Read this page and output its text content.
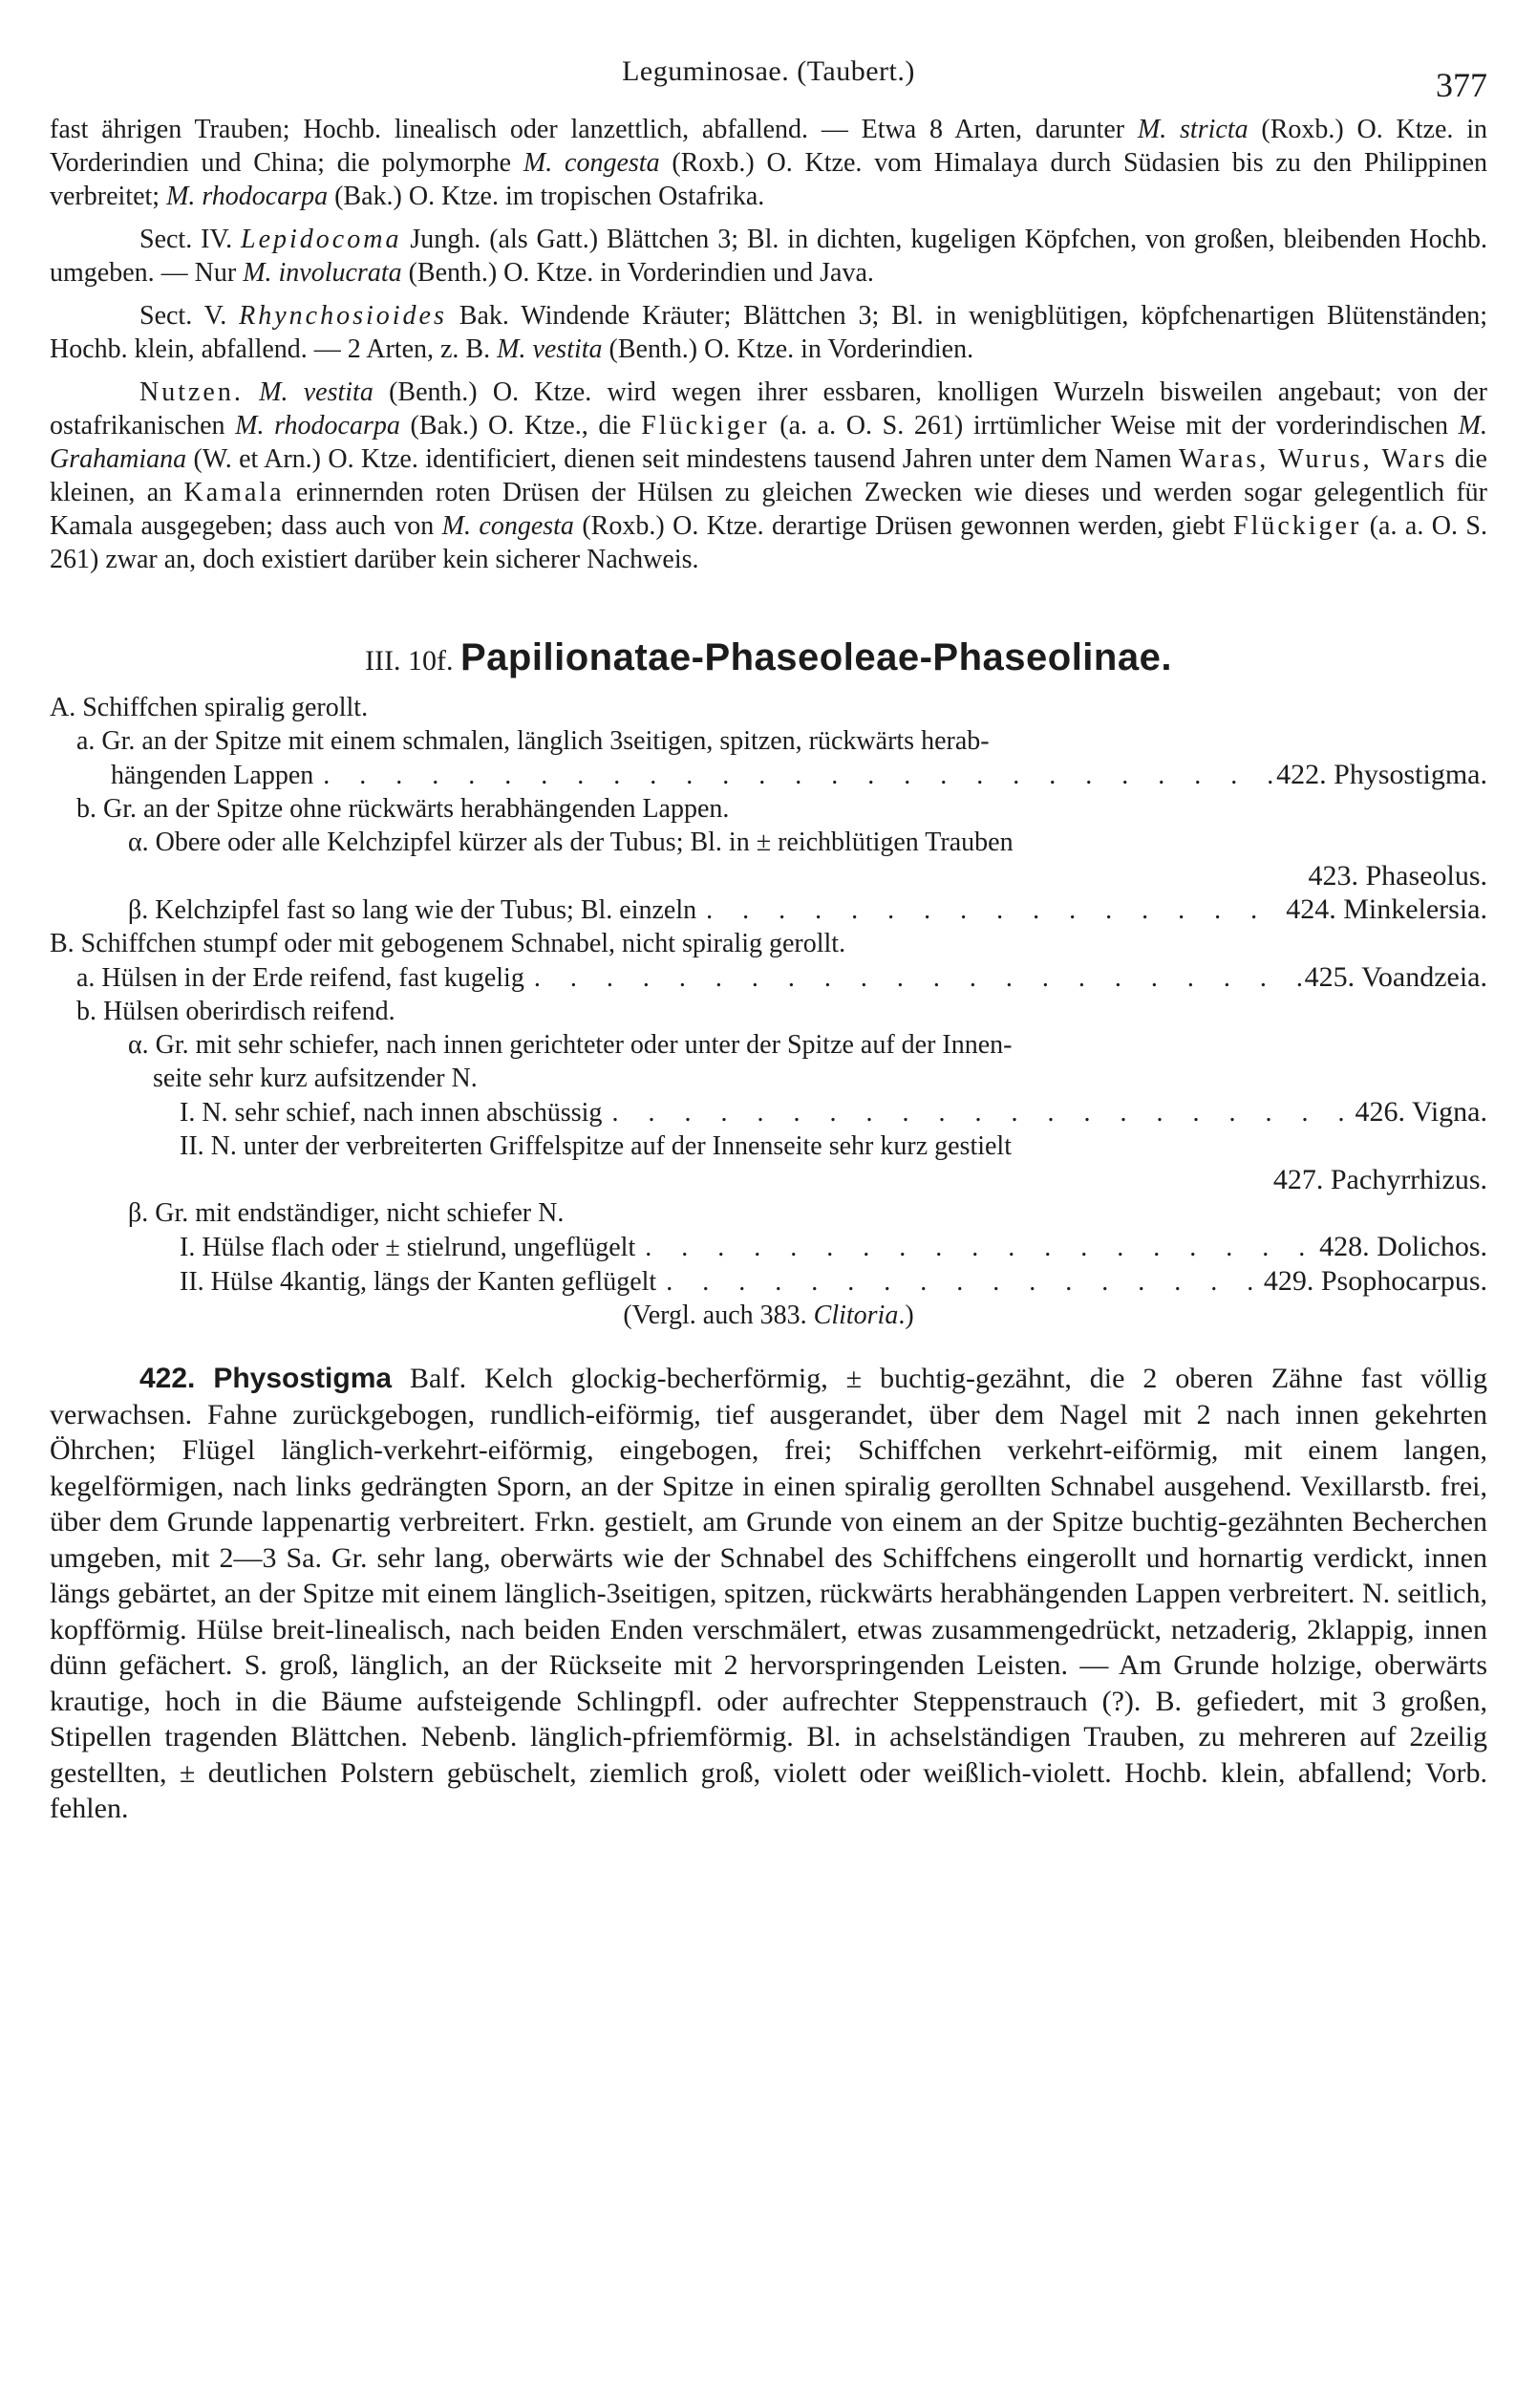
Leguminosae. (Taubert.)	377

fast ährigen Trauben; Hochb. linealisch oder lanzettlich, abfallend. — Etwa 8 Arten, darunter M. stricta (Roxb.) O. Ktze. in Vorderindien und China; die polymorphe M. congesta (Roxb.) O. Ktze. vom Himalaya durch Südasien bis zu den Philippinen verbreitet; M. rhodocarpa (Bak.) O. Ktze. im tropischen Ostafrika.

Sect. IV. Lepidocoma Jungh. (als Gatt.) Blättchen 3; Bl. in dichten, kugeligen Köpfchen, von großen, bleibenden Hochb. umgeben. — Nur M. involucrata (Benth.) O. Ktze. in Vorderindien und Java.

Sect. V. Rhynchosioides Bak. Windende Kräuter; Blättchen 3; Bl. in wenigblütigen, köpfchenartigen Blütenständen; Hochb. klein, abfallend. — 2 Arten, z. B. M. vestita (Benth.) O. Ktze. in Vorderindien.

Nutzen. M. vestita (Benth.) O. Ktze. wird wegen ihrer essbaren, knolligen Wurzeln bisweilen angebaut; von der ostafrikanischen M. rhodocarpa (Bak.) O. Ktze., die Flückiger (a. a. O. S. 261) irrtümlicher Weise mit der vorderindischen M. Grahamiana (W. et Arn.) O. Ktze. identificiert, dienen seit mindestens tausend Jahren unter dem Namen Waras, Wurus, Wars die kleinen, an Kamala erinnernden roten Drüsen der Hülsen zu gleichen Zwecken wie dieses und werden sogar gelegentlich für Kamala ausgegeben; dass auch von M. congesta (Roxb.) O. Ktze. derartige Drüsen gewonnen werden, giebt Flückiger (a. a. O. S. 261) zwar an, doch existiert darüber kein sicherer Nachweis.

III. 10f. Papilionatae-Phaseoleae-Phaseolinae.
A. Schiffchen spiralig gerollt.
a. Gr. an der Spitze mit einem schmalen, länglich 3seitigen, spitzen, rückwärts herab-
hängenden Lappen . . .	422. Physostigma.
b. Gr. an der Spitze ohne rückwärts herabhängenden Lappen.
α. Obere oder alle Kelchzipfel kürzer als der Tubus; Bl. in ± reichblütigen Trauben
423. Phaseolus.
β. Kelchzipfel fast so lang wie der Tubus; Bl. einzeln . . .	424. Minkelersia.
B. Schiffchen stumpf oder mit gebogenem Schnabel, nicht spiralig gerollt.
a. Hülsen in der Erde reifend, fast kugelig . . .	425. Voandzeia.
b. Hülsen oberirdisch reifend.
α. Gr. mit sehr schiefer, nach innen gerichteter oder unter der Spitze auf der Innen-
seite sehr kurz aufsitzender N.
I. N. sehr schief, nach innen abschüssig . . .	426. Vigna.
II. N. unter der verbreiterten Griffelspitze auf der Innenseite sehr kurz gestielt
427. Pachyrrhizus.
β. Gr. mit endständiger, nicht schiefer N.
I. Hülse flach oder ± stielrund, ungeflügelt . . .	428. Dolichos.
II. Hülse 4kantig, längs der Kanten geflügelt . . .	429. Psophocarpus.
(Vergl. auch 383. Clitoria.)

422. Physostigma Balf. Kelch glockig-becherförmig, ± buchtig-gezähnt, die 2 oberen Zähne fast völlig verwachsen. Fahne zurückgebogen, rundlich-eiförmig, tief ausgerandet, über dem Nagel mit 2 nach innen gekehrten Öhrchen; Flügel länglich-verkehrt-eiförmig, eingebogen, frei; Schiffchen verkehrt-eiförmig, mit einem langen, kegelförmigen, nach links gedrängten Sporn, an der Spitze in einen spiralig gerollten Schnabel ausgehend. Vexillarstb. frei, über dem Grunde lappenartig verbreitert. Frkn. gestielt, am Grunde von einem an der Spitze buchtig-gezähnten Becherchen umgeben, mit 2—3 Sa. Gr. sehr lang, oberwärts wie der Schnabel des Schiffchens eingerollt und hornartig verdickt, innen längs gebärtet, an der Spitze mit einem länglich-3seitigen, spitzen, rückwärts herabhängenden Lappen verbreitert. N. seitlich, kopfförmig. Hülse breit-linealisch, nach beiden Enden verschmälert, etwas zusammengedrückt, netzaderig, 2klappig, innen dünn gefächert. S. groß, länglich, an der Rückseite mit 2 hervorspringenden Leisten. — Am Grunde holzige, oberwärts krautige, hoch in die Bäume aufsteigende Schlingpfl. oder aufrechter Steppenstrauch (?). B. gefiedert, mit 3 großen, Stipellen tragenden Blättchen. Nebenb. länglich-pfriemförmig. Bl. in achselständigen Trauben, zu mehreren auf 2zeilig gestellten, ± deutlichen Polstern gebüschelt, ziemlich groß, violett oder weißlich-violett. Hochb. klein, abfallend; Vorb. fehlen.
